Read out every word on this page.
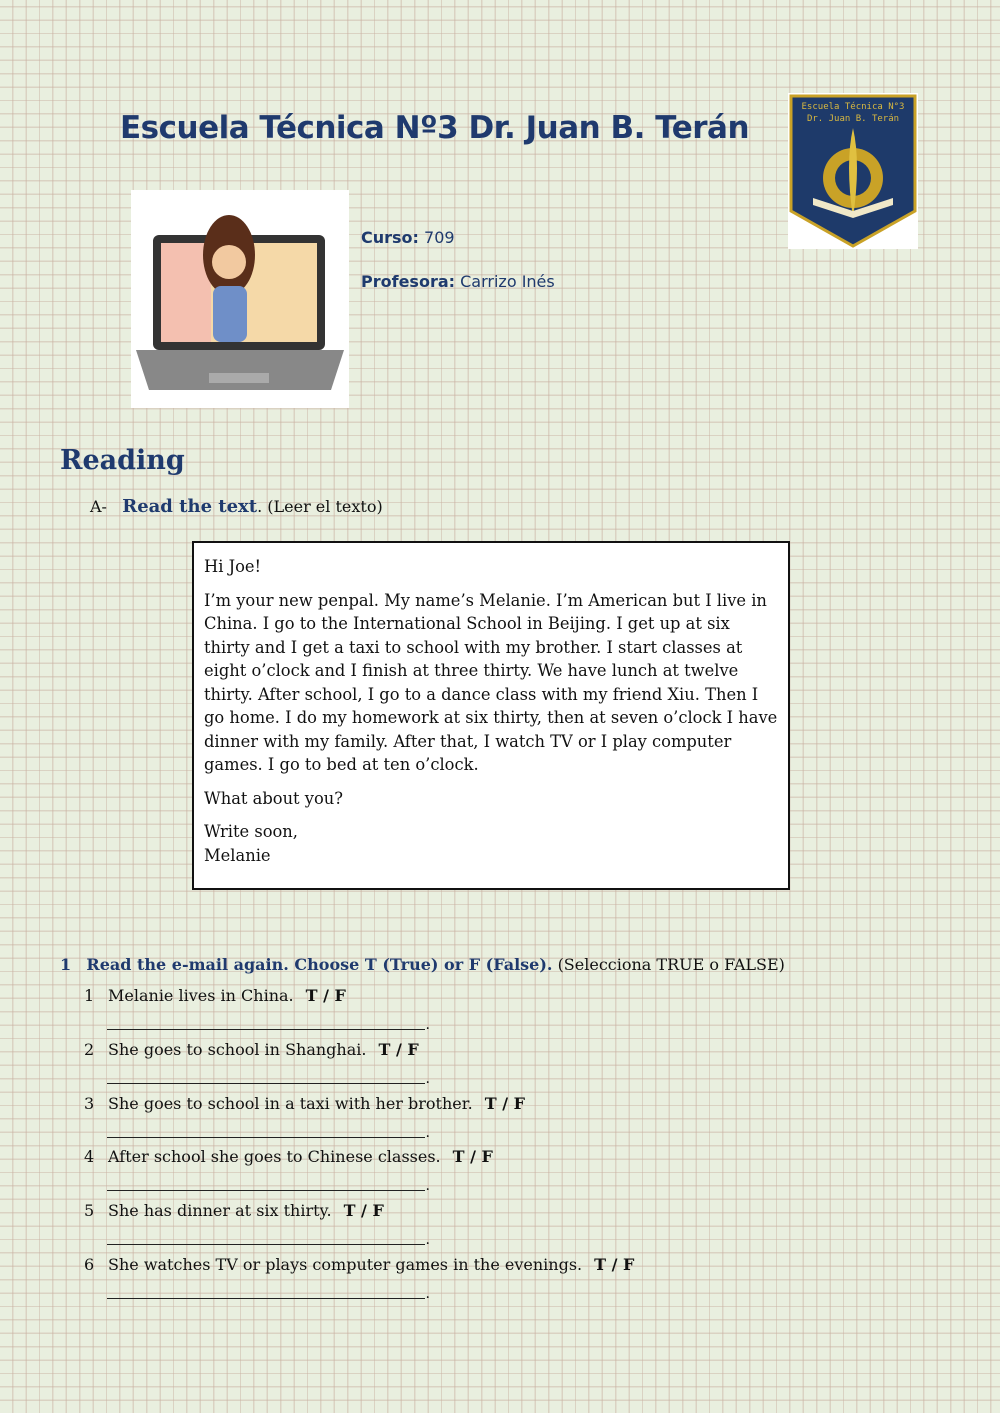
Escuela Técnica Nº3 Dr. Juan B. Terán
Escuela Técnica N°3
Dr. Juan B. Terán
Curso: 709
Profesora: Carrizo Inés
Reading
A- Read the text. (Leer el texto)

Hi Joe!

I’m your new penpal. My name’s Melanie. I’m American but I live in China. I go to the International School in Beijing. I get up at six thirty and I get a taxi to school with my brother. I start classes at eight o’clock and I finish at three thirty. We have lunch at twelve thirty. After school, I go to a dance class with my friend Xiu. Then I go home. I do my homework at six thirty, then at seven o’clock I have dinner with my family. After that, I watch TV or I play computer games. I go to bed at ten o’clock.

What about you?

Write soon,

Melanie

1 Read the e-mail again. Choose T (True) or F (False). (Selecciona TRUE o FALSE)
1 Melanie lives in China. T / F
.
2 She goes to school in Shanghai. T / F
.
3 She goes to school in a taxi with her brother. T / F
.
4 After school she goes to Chinese classes. T / F
.
5 She has dinner at six thirty. T / F
.
6 She watches TV or plays computer games in the evenings. T / F
.
